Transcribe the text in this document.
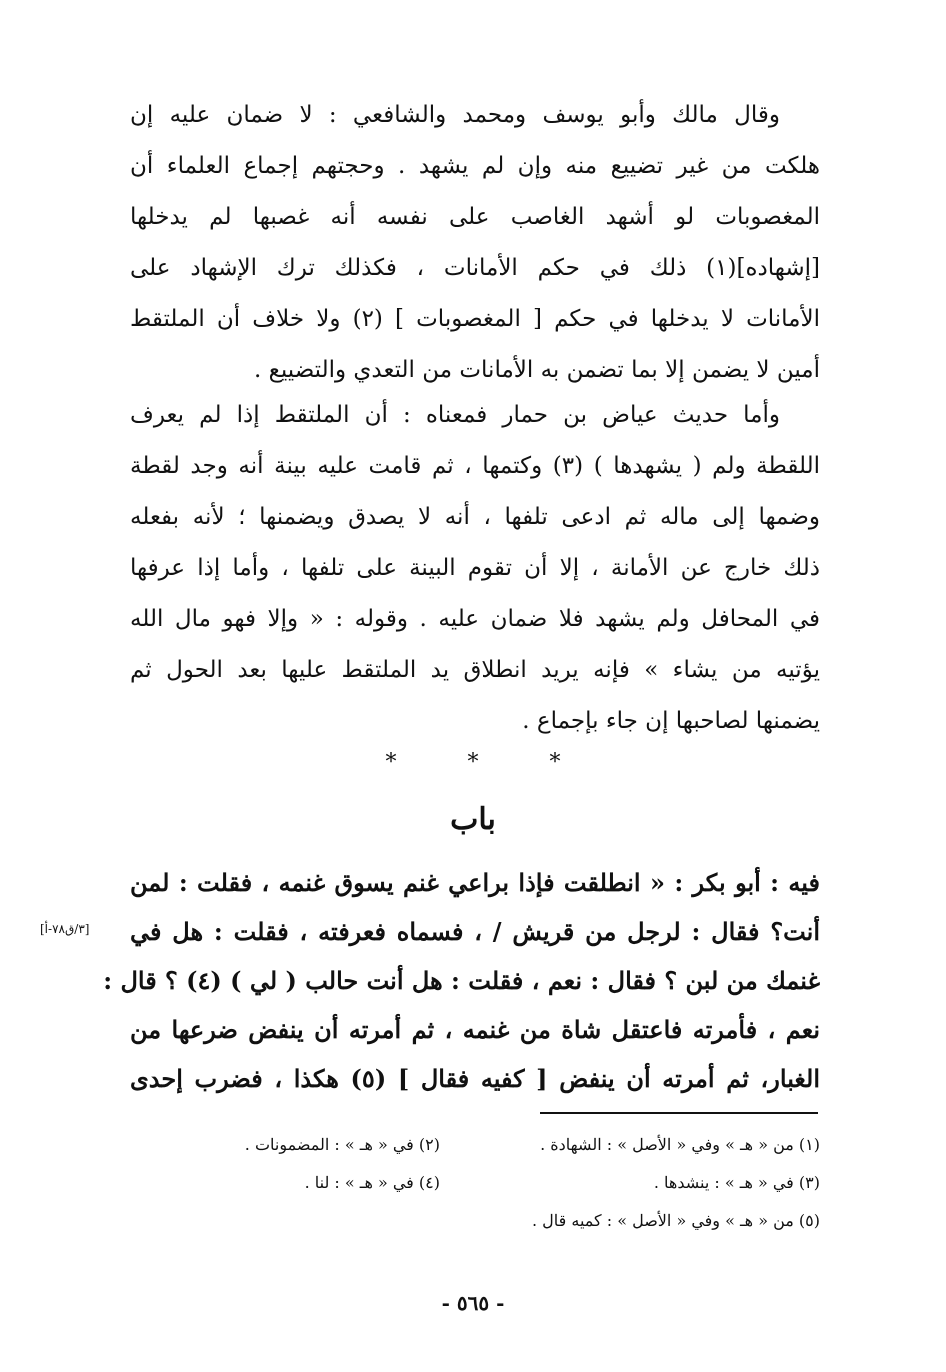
وقال مالك وأبو يوسف ومحمد والشافعي : لا ضمان عليه إن
هلكت من غير تضييع منه وإن لم يشهد . وحجتهم إجماع العلماء أن
المغصوبات لو أشهد الغاصب على نفسه أنه غصبها لم يدخلها
[إشهاده](١) ذلك في حكم الأمانات ، فكذلك ترك الإشهاد على
الأمانات لا يدخلها في حكم [ المغصوبات ] (٢) ولا خلاف أن الملتقط
أمين لا يضمن إلا بما تضمن به الأمانات من التعدي والتضييع .
وأما حديث عياض بن حمار فمعناه : أن الملتقط إذا لم يعرف
اللقطة ولم ( يشهدها ) (٣) وكتمها ، ثم قامت عليه بينة أنه وجد لقطة
وضمها إلى ماله ثم ادعى تلفها ، أنه لا يصدق ويضمنها ؛ لأنه بفعله
ذلك خارج عن الأمانة ، إلا أن تقوم البينة على تلفها ، وأما إذا عرفها
في المحافل ولم يشهد فلا ضمان عليه . وقوله : « وإلا فهو مال الله
يؤتيه من يشاء » فإنه يريد انطلاق يد الملتقط عليها بعد الحول ثم
يضمنها لصاحبها إن جاء بإجماع .
*	*	*
باب
فيه : أبو بكر : « انطلقت فإذا براعي غنم يسوق غنمه ، فقلت : لمن
أنت؟ فقال : لرجل من قريش / ، فسماه فعرفته ، فقلت : هل في
غنمك من لبن ؟ فقال : نعم ، فقلت : هل أنت حالب ( لي ) (٤) ؟ قال :
نعم ، فأمرته فاعتقل شاة من غنمه ، ثم أمرته أن ينفض ضرعها من
الغبار، ثم أمرته أن ينفض [ كفيه فقال ] (٥) هكذا ، فضرب إحدى
[٣/ق٧٨-أ]
(١) من « هـ » وفي « الأصل » : الشهادة .
(٢) في « هـ » : المضمونات .
(٣) في « هـ » : ينشدها .
(٤) في « هـ » : لنا .
(٥) من « هـ » وفي « الأصل » : كميه قال .
- ٥٦٥ -
